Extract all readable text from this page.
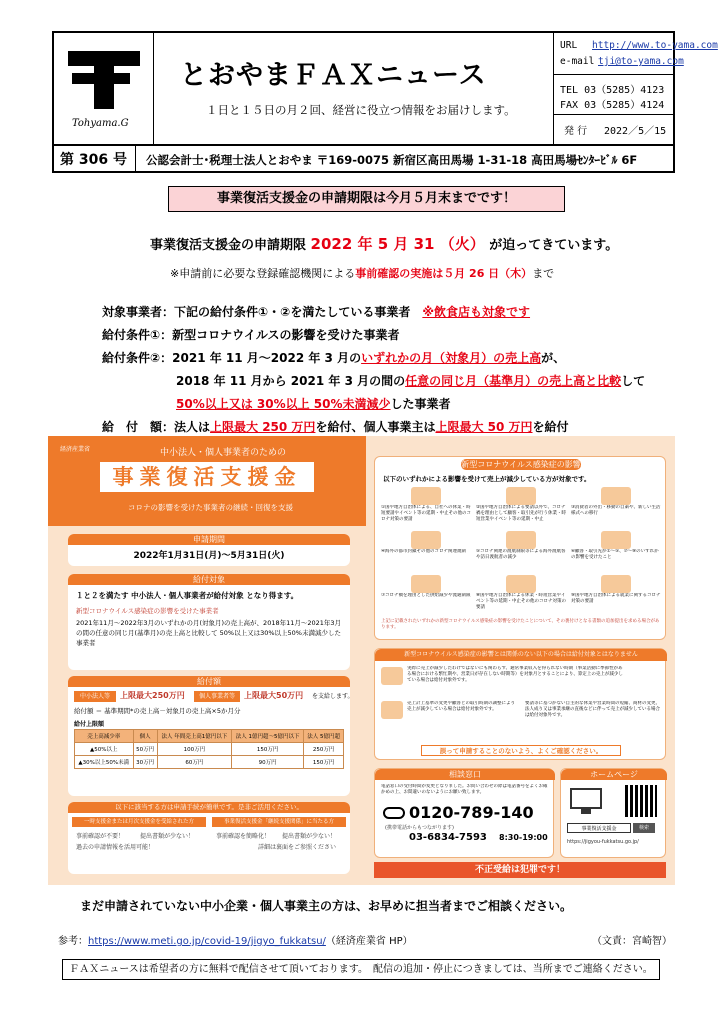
Tohyama.G
とおやまＦＡＸニュース
１日と１５日の月２回、経営に役立つ情報をお届けします。
URL http://www.to-yama.com
e-mail tji@to-yama.com
TEL 03（5285）4123
FAX 03（5285）4124
発 行 2022／5／15
第 306 号 公認会計士･税理士法人とおやま 〒169-0075 新宿区高田馬場 1-31-18 高田馬場ｾﾝﾀｰﾋﾞﾙ 6F
事業復活支援金の申請期限は今月５月末までです！
事業復活支援金の申請期限 2022 年 5 月 31 （火） が迫ってきています。
※申請前に必要な登録確認機関による事前確認の実施は５月 26 日（木）まで
対象事業者：下記の給付条件①・②を満たしている事業者　 ※飲食店も対象です
給付条件①：新型コロナウイルスの影響を受けた事業者
給付条件②：2021 年 11 月～2022 年 3 月のいずれかの月（対象月）の売上高が、
2018 年 11 月から 2021 年 3 月の間の任意の同じ月（基準月）の売上高と比較して
50%以上又は 30%以上 50%未満減少した事業者
給　付　額：法人は上限最大 250 万円を給付、個人事業主は上限最大 50 万円を給付
経済産業省	中小法人・個人事業者のための
事業復活支援金
コロナの影響を受けた事業者の継続・回復を支援
申請期間
2022年1月31日(月)～5月31日(火)
給付対象
１と２を満たす 中小法人・個人事業者が給付対象 となり得ます。
新型コロナウイルス感染症の影響を受けた事業者
2021年11月～2022年3月のいずれかの月(対象月)の売上高が、2018年11月～2021年3月の間の任意の同じ月(基準月)の売上高と比較して 50%以上又は30%以上50%未満減少した事業者
給付額
中小法人等	上限最大250万円	個人事業者等	上限最大50万円 を支給します。
給付額 ＝ 基準期間*の売上高－対象月の売上高×5か月分
給付上限額
売上高減少率	個人	法人 年間売上高1億円以下	法人 1億円超～5億円以下	法人 5億円超
▲50%以上	50万円	100万円	150万円	250万円
▲30%以上50%未満	30万円	60万円	90万円	150万円
以下に該当する方は申請手続が簡単です。是非ご活用ください。
一時支援金または月次支援金を受給された方
事前確認が不要！	提出書類が少ない！
過去の申請情報を活用可能！
事業復活支援金「継続支援関係」に当たる方
事前確認を簡略化！ 提出書類が少ない！
詳細は裏面をご参照ください
新型コロナウイルス感染症の影響
以下のいずれかによる影響を受けて売上が減少している方が対象です。
①国や地方自治体による、自社への休業・時短要請やイベント等の延期・中止その他のコロナ対策の要請
②国や地方自治体による要請以外で、コロナ禍を理由として顧客・取引先が行う休業・時短営業やイベント等の延期・中止
③消費者の外出・移動の自粛や、新しい生活様式への移行
④海外の都市封鎖その他のコロナ関連規制	⑤コロナ関連の渡航制限等による海外渡航客や訪日渡航者の減少
⑥顧客・取引先が①～⑤、⑦～⑨のいずれかの影響を受けたこと
⑦コロナ禍を理由とした供給減少や流通制限 ⑧国や地方自治体による休業・時短営業やイベント等の延期・中止その他のコロナ対策の要請
⑨国や地方自治体による就業に関するコロナ対策の要請
上記に記載されたいずれかの新型コロナウイルス感染症の影響を受けたことについて、その裏付けとなる書類の追加提出を求める場合があります。
新型コロナウイルス感染症の影響とは関係のない以下の場合は給付対象とはなりません
実際に売上が減少したわけではないにも関わらず、通常事業収入を得られない時期（事業活動に季節性がある場合における繁忙期や、営業日が存在しない時期等）を対象月とすることにより、算定上の売上が減少している場合は給付対象外です。
売上計上基準の変更や顧客との取引時期の調整により売上が減少している場合は給付対象外です。
要請等に基づかない自主的な休業や営業時間の短縮、商材の変更、法人成り又は事業承継の直後などに伴って売上が減少している場合は給付対象外です。
誤って申請することのないよう、よくご確認ください。
相談窓口
電話窓口の受付時間が変更となりました。お問い合わせの際は電話番号をよくお確かめの上、お間違いのないようにお願い致します。
0120-789-140
(携帯電話からもつながります)
03-6834-7593 8:30-19:00
ホームページ
事業復活支援金	検索
https://jigyou-fukkatsu.go.jp/
不正受給は犯罪です！
まだ申請されていない中小企業・個人事業主の方は、お早めに担当者までご相談ください。
参考：https://www.meti.go.jp/covid-19/jigyo_fukkatsu/（経済産業省 HP）	（文責：宮崎智）
ＦＡＸニュースは希望者の方に無料で配信させて頂いております。　配信の追加・停止につきましては、当所までご連絡ください。
